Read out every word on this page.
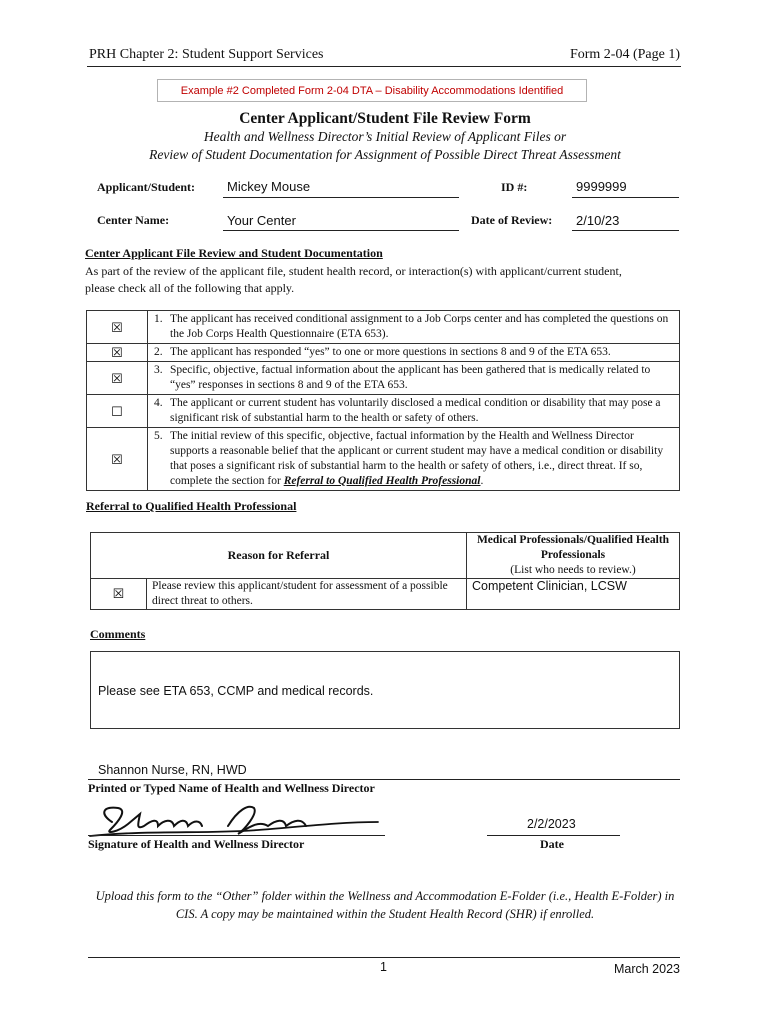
PRH Chapter 2: Student Support Services	Form 2-04 (Page 1)
Example #2 Completed Form 2-04 DTA – Disability Accommodations Identified
Center Applicant/Student File Review Form
Health and Wellness Director’s Initial Review of Applicant Files or
Review of Student Documentation for Assignment of Possible Direct Threat Assessment
Applicant/Student: Mickey Mouse	ID #:	9999999
Center Name:	Your Center	Date of Review: 2/10/23
Center Applicant File Review and Student Documentation
As part of the review of the applicant file, student health record, or interaction(s) with applicant/current student,
please check all of the following that apply.
☒	1. The applicant has received conditional assignment to a Job Corps center and has completed the questions on the Job Corps Health Questionnaire (ETA 653).

☒	2. The applicant has responded “yes” to one or more questions in sections 8 and 9 of the ETA 653.

☒	3. Specific, objective, factual information about the applicant has been gathered that is medically related to “yes” responses in sections 8 and 9 of the ETA 653.

☐	4. The applicant or current student has voluntarily disclosed a medical condition or disability that may pose a significant risk of substantial harm to the health or safety of others.

☒	5. The initial review of this specific, objective, factual information by the Health and Wellness Director supports a reasonable belief that the applicant or current student may have a medical condition or disability that poses a significant risk of substantial harm to the health or safety of others, i.e., direct threat. If so, complete the section for Referral to Qualified Health Professional.
Referral to Qualified Health Professional
Reason for Referral		Medical Professionals/Qualified Health
Professionals
(List who needs to review.)

☒	Please review this applicant/student for assessment of a possible direct threat to others.	Competent Clinician, LCSW
Comments
Please see ETA 653, CCMP and medical records.
Shannon Nurse, RN, HWD
Printed or Typed Name of Health and Wellness Director
Signature of Health and Wellness Director
2/2/2023
Date
Upload this form to the “Other” folder within the Wellness and Accommodation E-Folder (i.e., Health E-Folder) in
CIS. A copy may be maintained within the Student Health Record (SHR) if enrolled.
1	March 2023
